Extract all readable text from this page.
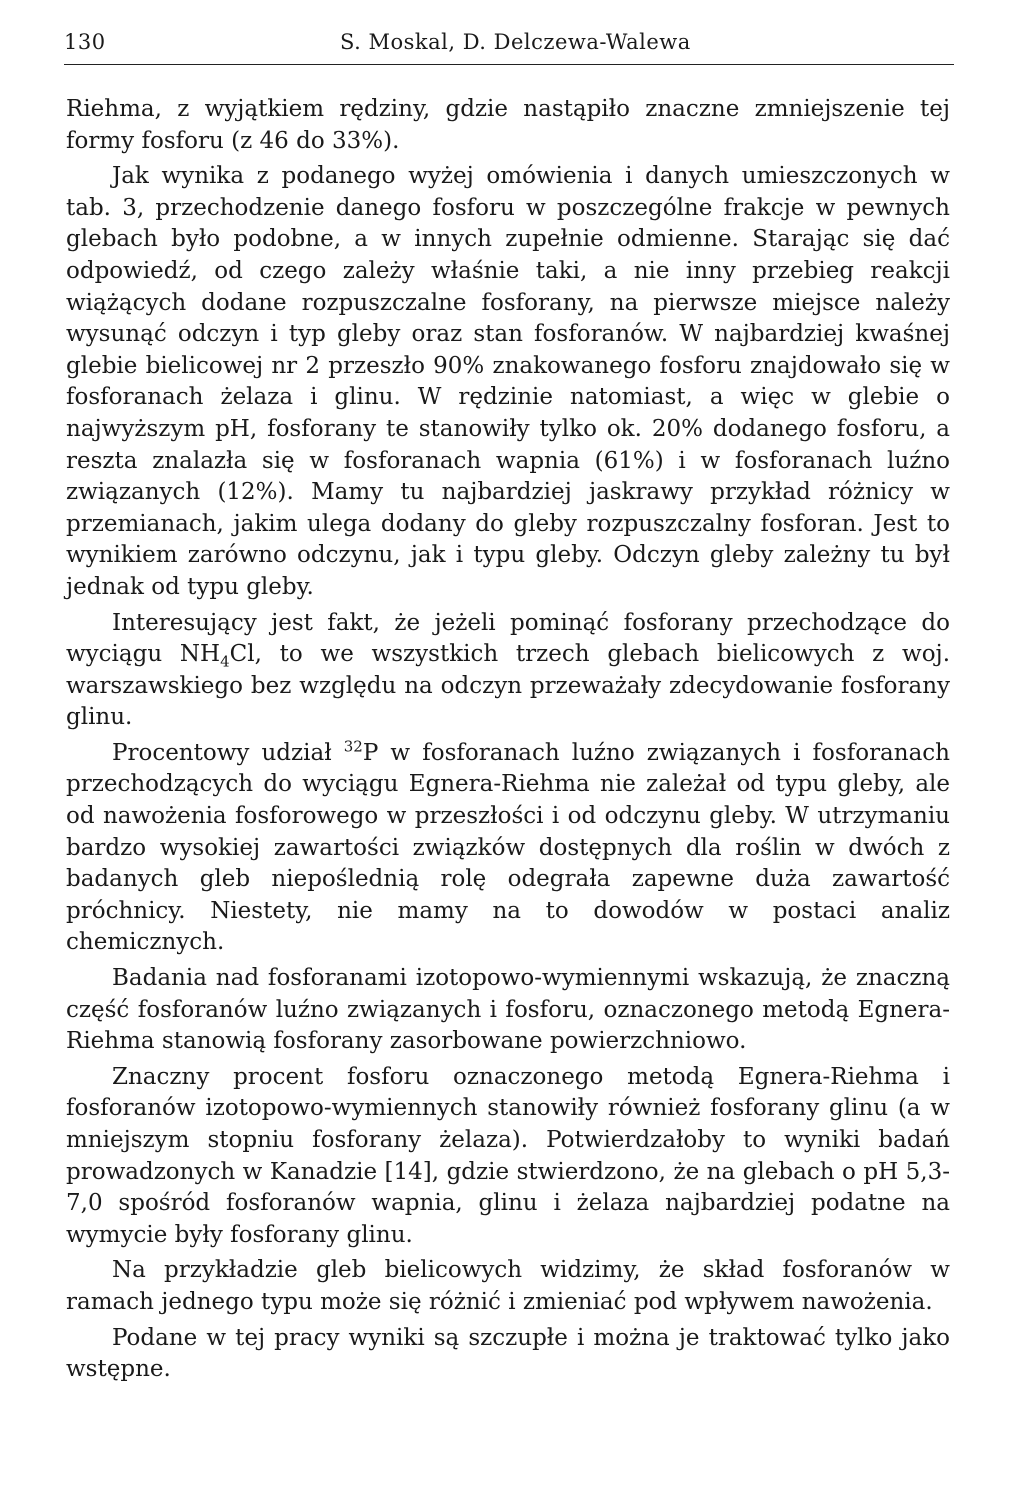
130	S. Moskal, D. Delczewa-Walewa

Riehma, z wyjątkiem rędziny, gdzie nastąpiło znaczne zmniejszenie tej formy fosforu (z 46 do 33%).

Jak wynika z podanego wyżej omówienia i danych umieszczonych w tab. 3, przechodzenie danego fosforu w poszczególne frakcje w pewnych glebach było podobne, a w innych zupełnie odmienne. Starając się dać odpowiedź, od czego zależy właśnie taki, a nie inny przebieg reakcji wiążących dodane rozpuszczalne fosforany, na pierwsze miejsce należy wysunąć odczyn i typ gleby oraz stan fosforanów. W najbardziej kwaśnej glebie bielicowej nr 2 przeszło 90% znakowanego fosforu znajdowało się w fosforanach żelaza i glinu. W rędzinie natomiast, a więc w glebie o najwyższym pH, fosforany te stanowiły tylko ok. 20% dodanego fosforu, a reszta znalazła się w fosforanach wapnia (61%) i w fosforanach luźno związanych (12%). Mamy tu najbardziej jaskrawy przykład różnicy w przemianach, jakim ulega dodany do gleby rozpuszczalny fosforan. Jest to wynikiem zarówno odczynu, jak i typu gleby. Odczyn gleby zależny tu był jednak od typu gleby.

Interesujący jest fakt, że jeżeli pominąć fosforany przechodzące do wyciągu $NH_4Cl$, to we wszystkich trzech glebach bielicowych z woj. warszawskiego bez względu na odczyn przeważały zdecydowanie fosforany glinu.

Procentowy udział $^{32}$P w fosforanach luźno związanych i fosforanach przechodzących do wyciągu Egnera-Riehma nie zależał od typu gleby, ale od nawożenia fosforowego w przeszłości i od odczynu gleby. W utrzymaniu bardzo wysokiej zawartości związków dostępnych dla roślin w dwóch z badanych gleb niepoślednią rolę odegrała zapewne duża zawartość próchnicy. Niestety, nie mamy na to dowodów w postaci analiz chemicznych.

Badania nad fosforanami izotopowo-wymiennymi wskazują, że znaczną część fosforanów luźno związanych i fosforu, oznaczonego metodą Egnera-Riehma stanowią fosforany zasorbowane powierzchniowo.

Znaczny procent fosforu oznaczonego metodą Egnera-Riehma i fosforanów izotopowo-wymiennych stanowiły również fosforany glinu (a w mniejszym stopniu fosforany żelaza). Potwierdzałoby to wyniki badań prowadzonych w Kanadzie [14], gdzie stwierdzono, że na glebach o pH 5,3-7,0 spośród fosforanów wapnia, glinu i żelaza najbardziej podatne na wymycie były fosforany glinu.

Na przykładzie gleb bielicowych widzimy, że skład fosforanów w ramach jednego typu może się różnić i zmieniać pod wpływem nawożenia.

Podane w tej pracy wyniki są szczupłe i można je traktować tylko jako wstępne.
